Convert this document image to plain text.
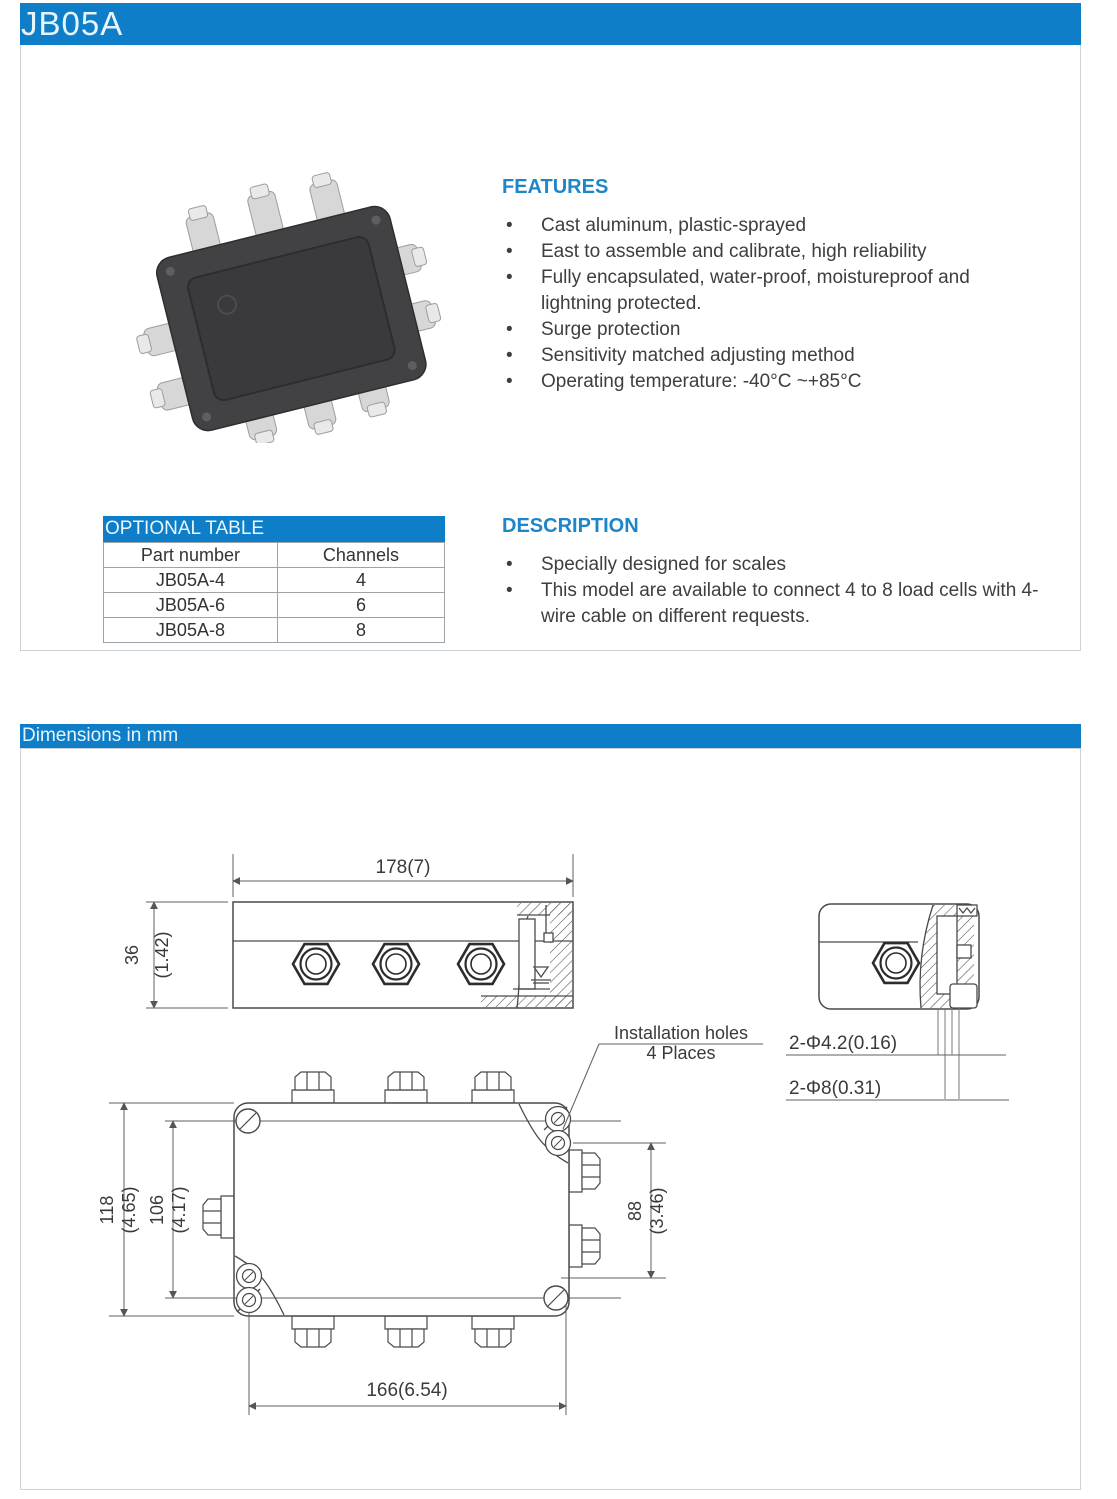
JB05A
FEATURES
• Cast aluminum, plastic-sprayed
• East to assemble and calibrate, high reliability
• Fully encapsulated, water-proof, moistureproof and lightning protected.
• Surge protection
• Sensitivity matched adjusting method
• Operating temperature: -40°C ~+85°C
OPTIONAL TABLE
Part number	Channels
JB05A-4	4
JB05A-6	6
JB05A-8	8
DESCRIPTION
• Specially designed for scales
• This model are available to connect 4 to 8 load cells with 4-wire cable on different requests.
Dimensions in mm
178(7)
36 (1.42)
2-Φ4.2(0.16)
2-Φ8(0.31)
118 (4.65) 106 (4.17)	88 (3.46)
166(6.54)
Installation holes
4 Places
